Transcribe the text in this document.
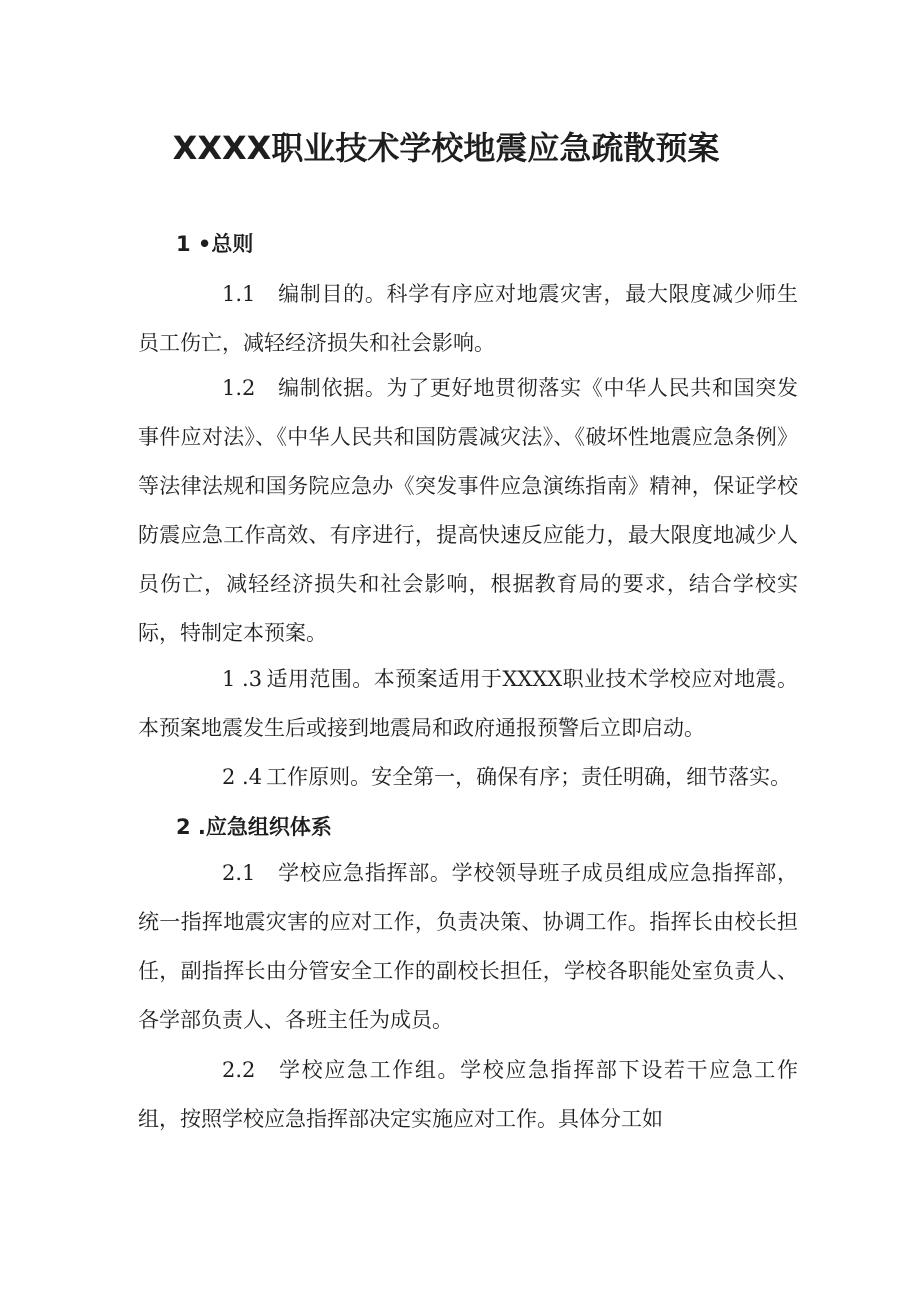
XXXX职业技术学校地震应急疏散预案
1 •总则

1.1 编制目的。科学有序应对地震灾害，最大限度减少师生员工伤亡，减轻经济损失和社会影响。

1.2 编制依据。为了更好地贯彻落实《中华人民共和国突发事件应对法》、《中华人民共和国防震减灾法》、《破坏性地震应急条例》等法律法规和国务院应急办《突发事件应急演练指南》精神，保证学校防震应急工作高效、有序进行，提高快速反应能力，最大限度地减少人员伤亡，减轻经济损失和社会影响，根据教育局的要求，结合学校实际，特制定本预案。

1 .3 适用范围。本预案适用于XXXX职业技术学校应对地震。本预案地震发生后或接到地震局和政府通报预警后立即启动。

2 .4 工作原则。安全第一，确保有序；责任明确，细节落实。

2 .应急组织体系

2.1 学校应急指挥部。学校领导班子成员组成应急指挥部，统一指挥地震灾害的应对工作，负责决策、协调工作。指挥长由校长担任，副指挥长由分管安全工作的副校长担任，学校各职能处室负责人、各学部负责人、各班主任为成员。

2.2 学校应急工作组。学校应急指挥部下设若干应急工作组，按照学校应急指挥部决定实施应对工作。具体分工如
